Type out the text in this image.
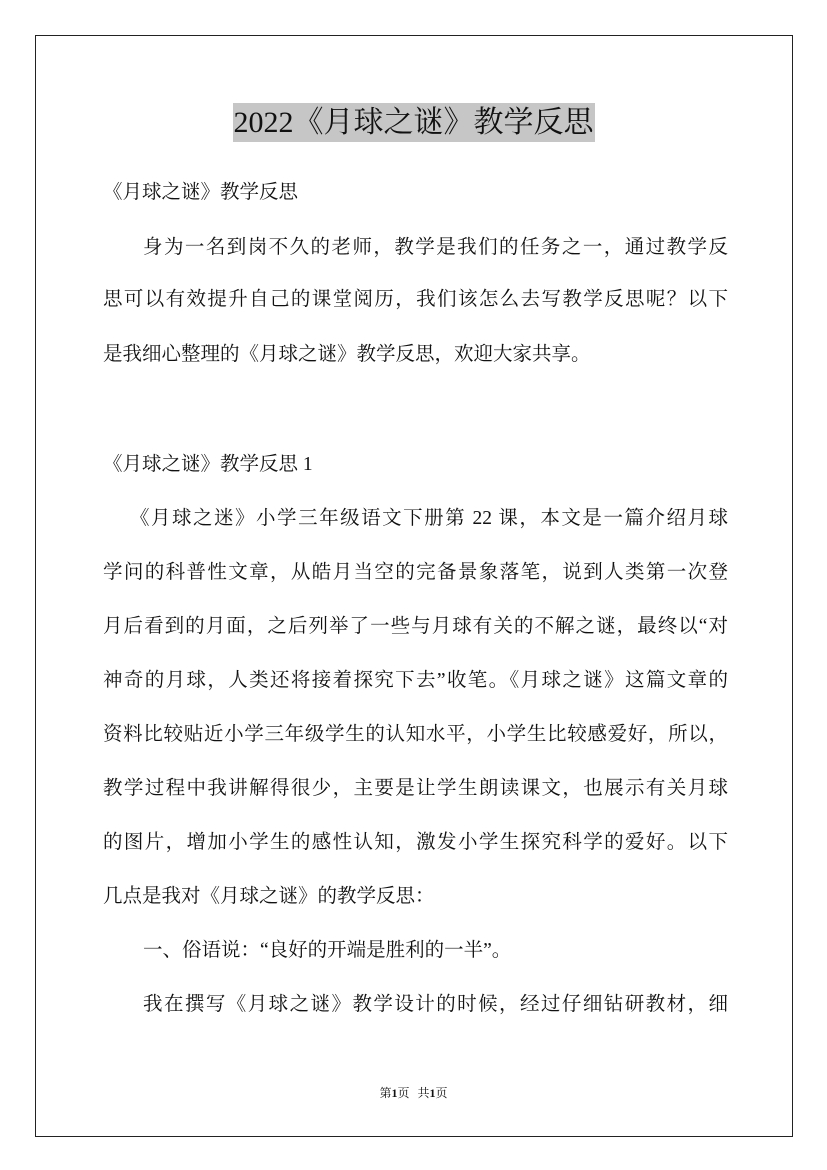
2022《月球之谜》教学反思
《月球之谜》教学反思
身为一名到岗不久的老师，教学是我们的任务之一，通过教学反
思可以有效提升自己的课堂阅历，我们该怎么去写教学反思呢？以下
是我细心整理的《月球之谜》教学反思，欢迎大家共享。
《月球之谜》教学反思 1
《月球之迷》小学三年级语文下册第 22 课，本文是一篇介绍月球
学问的科普性文章，从皓月当空的完备景象落笔，说到人类第一次登
月后看到的月面，之后列举了一些与月球有关的不解之谜，最终以“对
神奇的月球，人类还将接着探究下去”收笔。《月球之谜》这篇文章的
资料比较贴近小学三年级学生的认知水平，小学生比较感爱好，所以，
教学过程中我讲解得很少，主要是让学生朗读课文，也展示有关月球
的图片，增加小学生的感性认知，激发小学生探究科学的爱好。以下
几点是我对《月球之谜》的教学反思：
一、俗语说：“良好的开端是胜利的一半”。
我在撰写《月球之谜》教学设计的时候，经过仔细钻研教材，细
第1页 共1页
